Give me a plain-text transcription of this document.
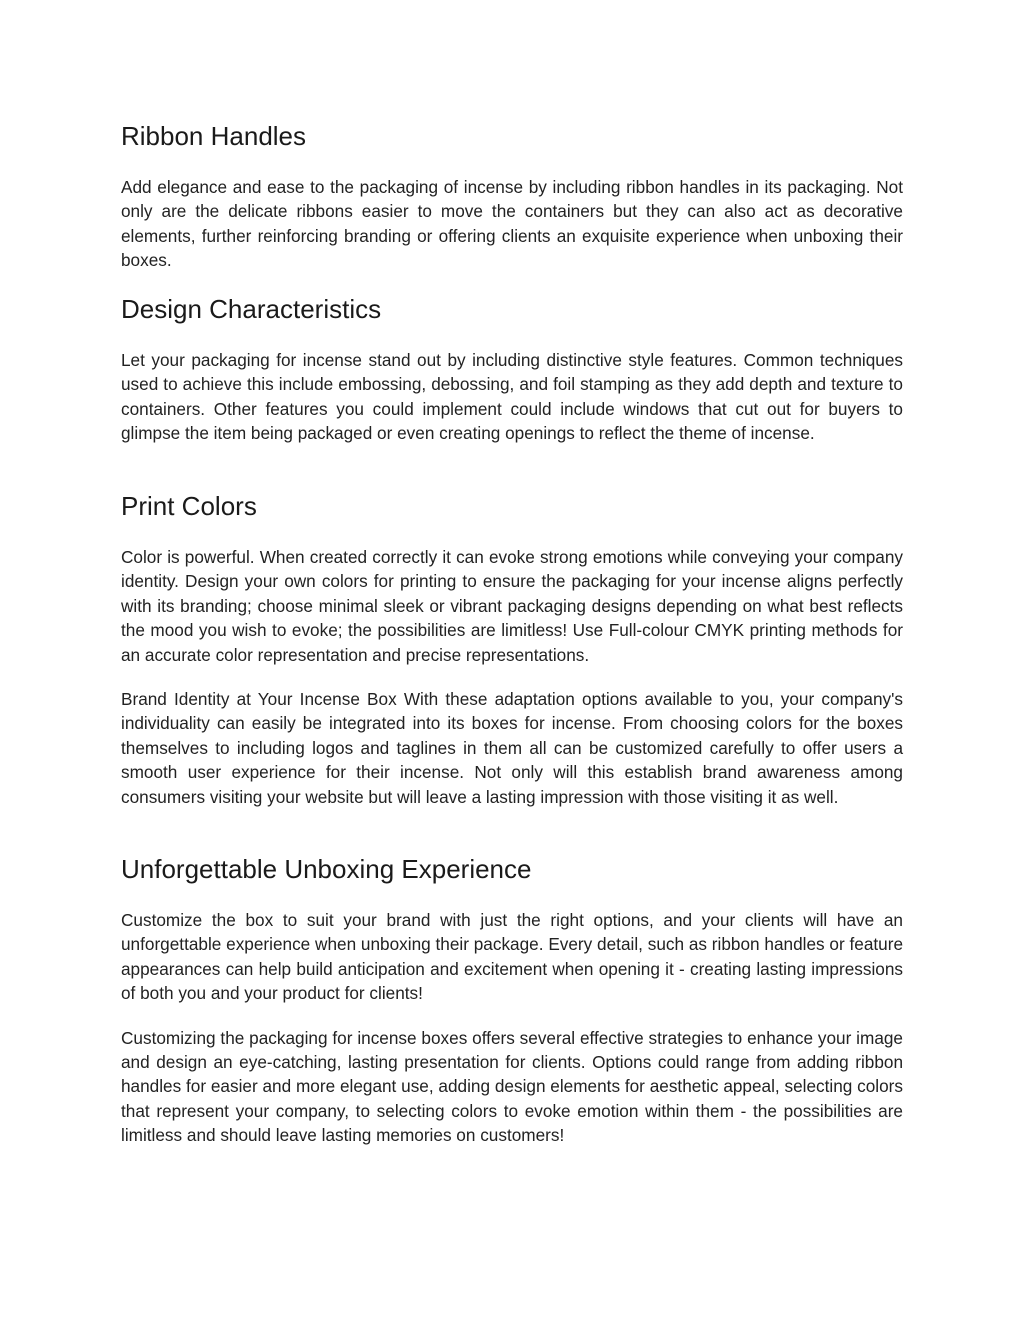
Ribbon Handles

Add elegance and ease to the packaging of incense by including ribbon handles in its packaging. Not only are the delicate ribbons easier to move the containers but they can also act as decorative elements, further reinforcing branding or offering clients an exquisite experience when unboxing their boxes.

Design Characteristics

Let your packaging for incense stand out by including distinctive style features. Common techniques used to achieve this include embossing, debossing, and foil stamping as they add depth and texture to containers. Other features you could implement could include windows that cut out for buyers to glimpse the item being packaged or even creating openings to reflect the theme of incense.

Print Colors

Color is powerful. When created correctly it can evoke strong emotions while conveying your company identity. Design your own colors for printing to ensure the packaging for your incense aligns perfectly with its branding; choose minimal sleek or vibrant packaging designs depending on what best reflects the mood you wish to evoke; the possibilities are limitless! Use Full-colour CMYK printing methods for an accurate color representation and precise representations.

Brand Identity at Your Incense Box With these adaptation options available to you, your company's individuality can easily be integrated into its boxes for incense. From choosing colors for the boxes themselves to including logos and taglines in them all can be customized carefully to offer users a smooth user experience for their incense. Not only will this establish brand awareness among consumers visiting your website but will leave a lasting impression with those visiting it as well.

Unforgettable Unboxing Experience

Customize the box to suit your brand with just the right options, and your clients will have an unforgettable experience when unboxing their package. Every detail, such as ribbon handles or feature appearances can help build anticipation and excitement when opening it - creating lasting impressions of both you and your product for clients!

Customizing the packaging for incense boxes offers several effective strategies to enhance your image and design an eye-catching, lasting presentation for clients. Options could range from adding ribbon handles for easier and more elegant use, adding design elements for aesthetic appeal, selecting colors that represent your company, to selecting colors to evoke emotion within them - the possibilities are limitless and should leave lasting memories on customers!
